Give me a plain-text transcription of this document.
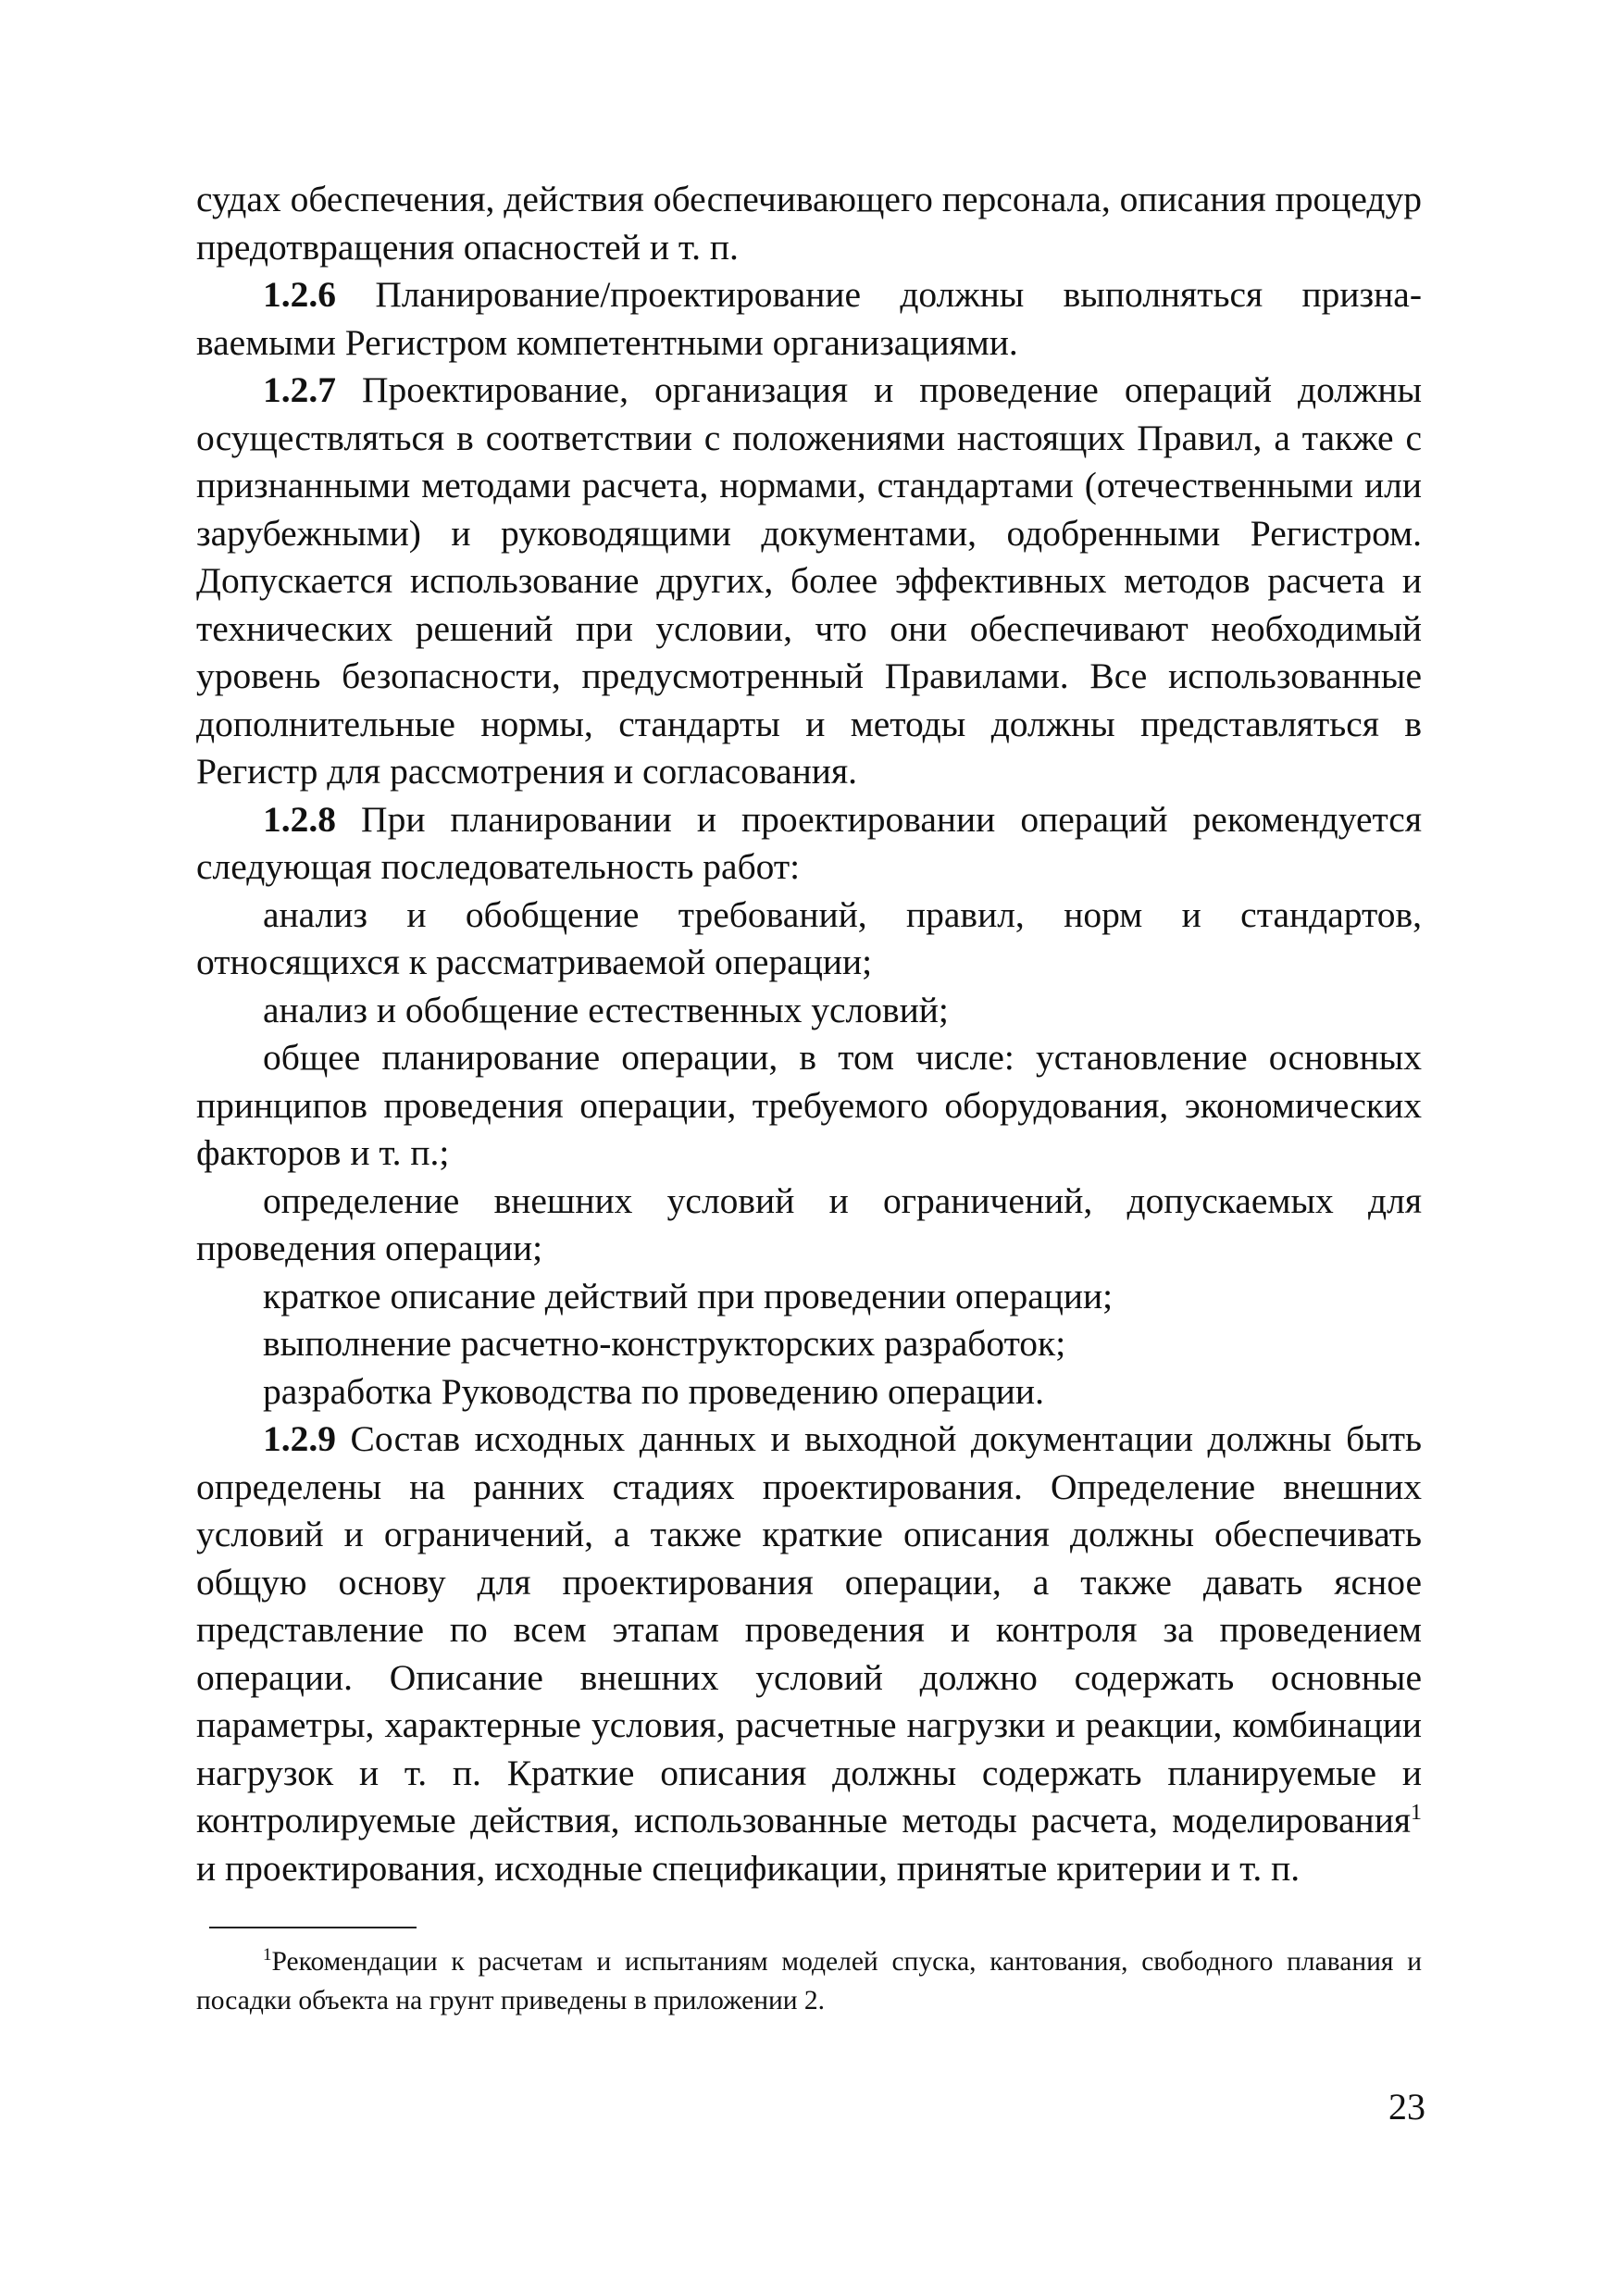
судах обеспечения, действия обеспечивающего персонала, описания процедур предотвращения опасностей и т. п.

1.2.6 Планирование/проектирование должны выполняться признаваемыми Регистром компетентными организациями.

1.2.7 Проектирование, организация и проведение операций должны осуществляться в соответствии с положениями настоящих Правил, а также с признанными методами расчета, нормами, стандартами (отечественными или зарубежными) и руководящими документами, одобренными Регистром. Допускается использование других, более эффективных методов расчета и технических решений при условии, что они обеспечивают необходимый уровень безопасности, предусмотренный Правилами. Все использованные дополнительные нормы, стандарты и методы должны представляться в Регистр для рассмотрения и согласования.

1.2.8 При планировании и проектировании операций рекомендуется следующая последовательность работ:

анализ и обобщение требований, правил, норм и стандартов, относящихся к рассматриваемой операции;

анализ и обобщение естественных условий;

общее планирование операции, в том числе: установление основных принципов проведения операции, требуемого оборудования, экономических факторов и т. п.;

определение внешних условий и ограничений, допускаемых для проведения операции;

краткое описание действий при проведении операции;

выполнение расчетно-конструкторских разработок;

разработка Руководства по проведению операции.

1.2.9 Состав исходных данных и выходной документации должны быть определены на ранних стадиях проектирования. Определение внешних условий и ограничений, а также краткие описания должны обеспечивать общую основу для проектирования операции, а также давать ясное представление по всем этапам проведения и контроля за проведением операции. Описание внешних условий должно содержать основные параметры, характерные условия, расчетные нагрузки и реакции, комбинации нагрузок и т. п. Краткие описания должны содержать планируемые и контролируемые действия, использованные методы расчета, моделирования$^1$ и проектирования, исходные спецификации, принятые критерии и т. п.

$^1$Рекомендации к расчетам и испытаниям моделей спуска, кантования, свободного плавания и посадки объекта на грунт приведены в приложении 2.

23
